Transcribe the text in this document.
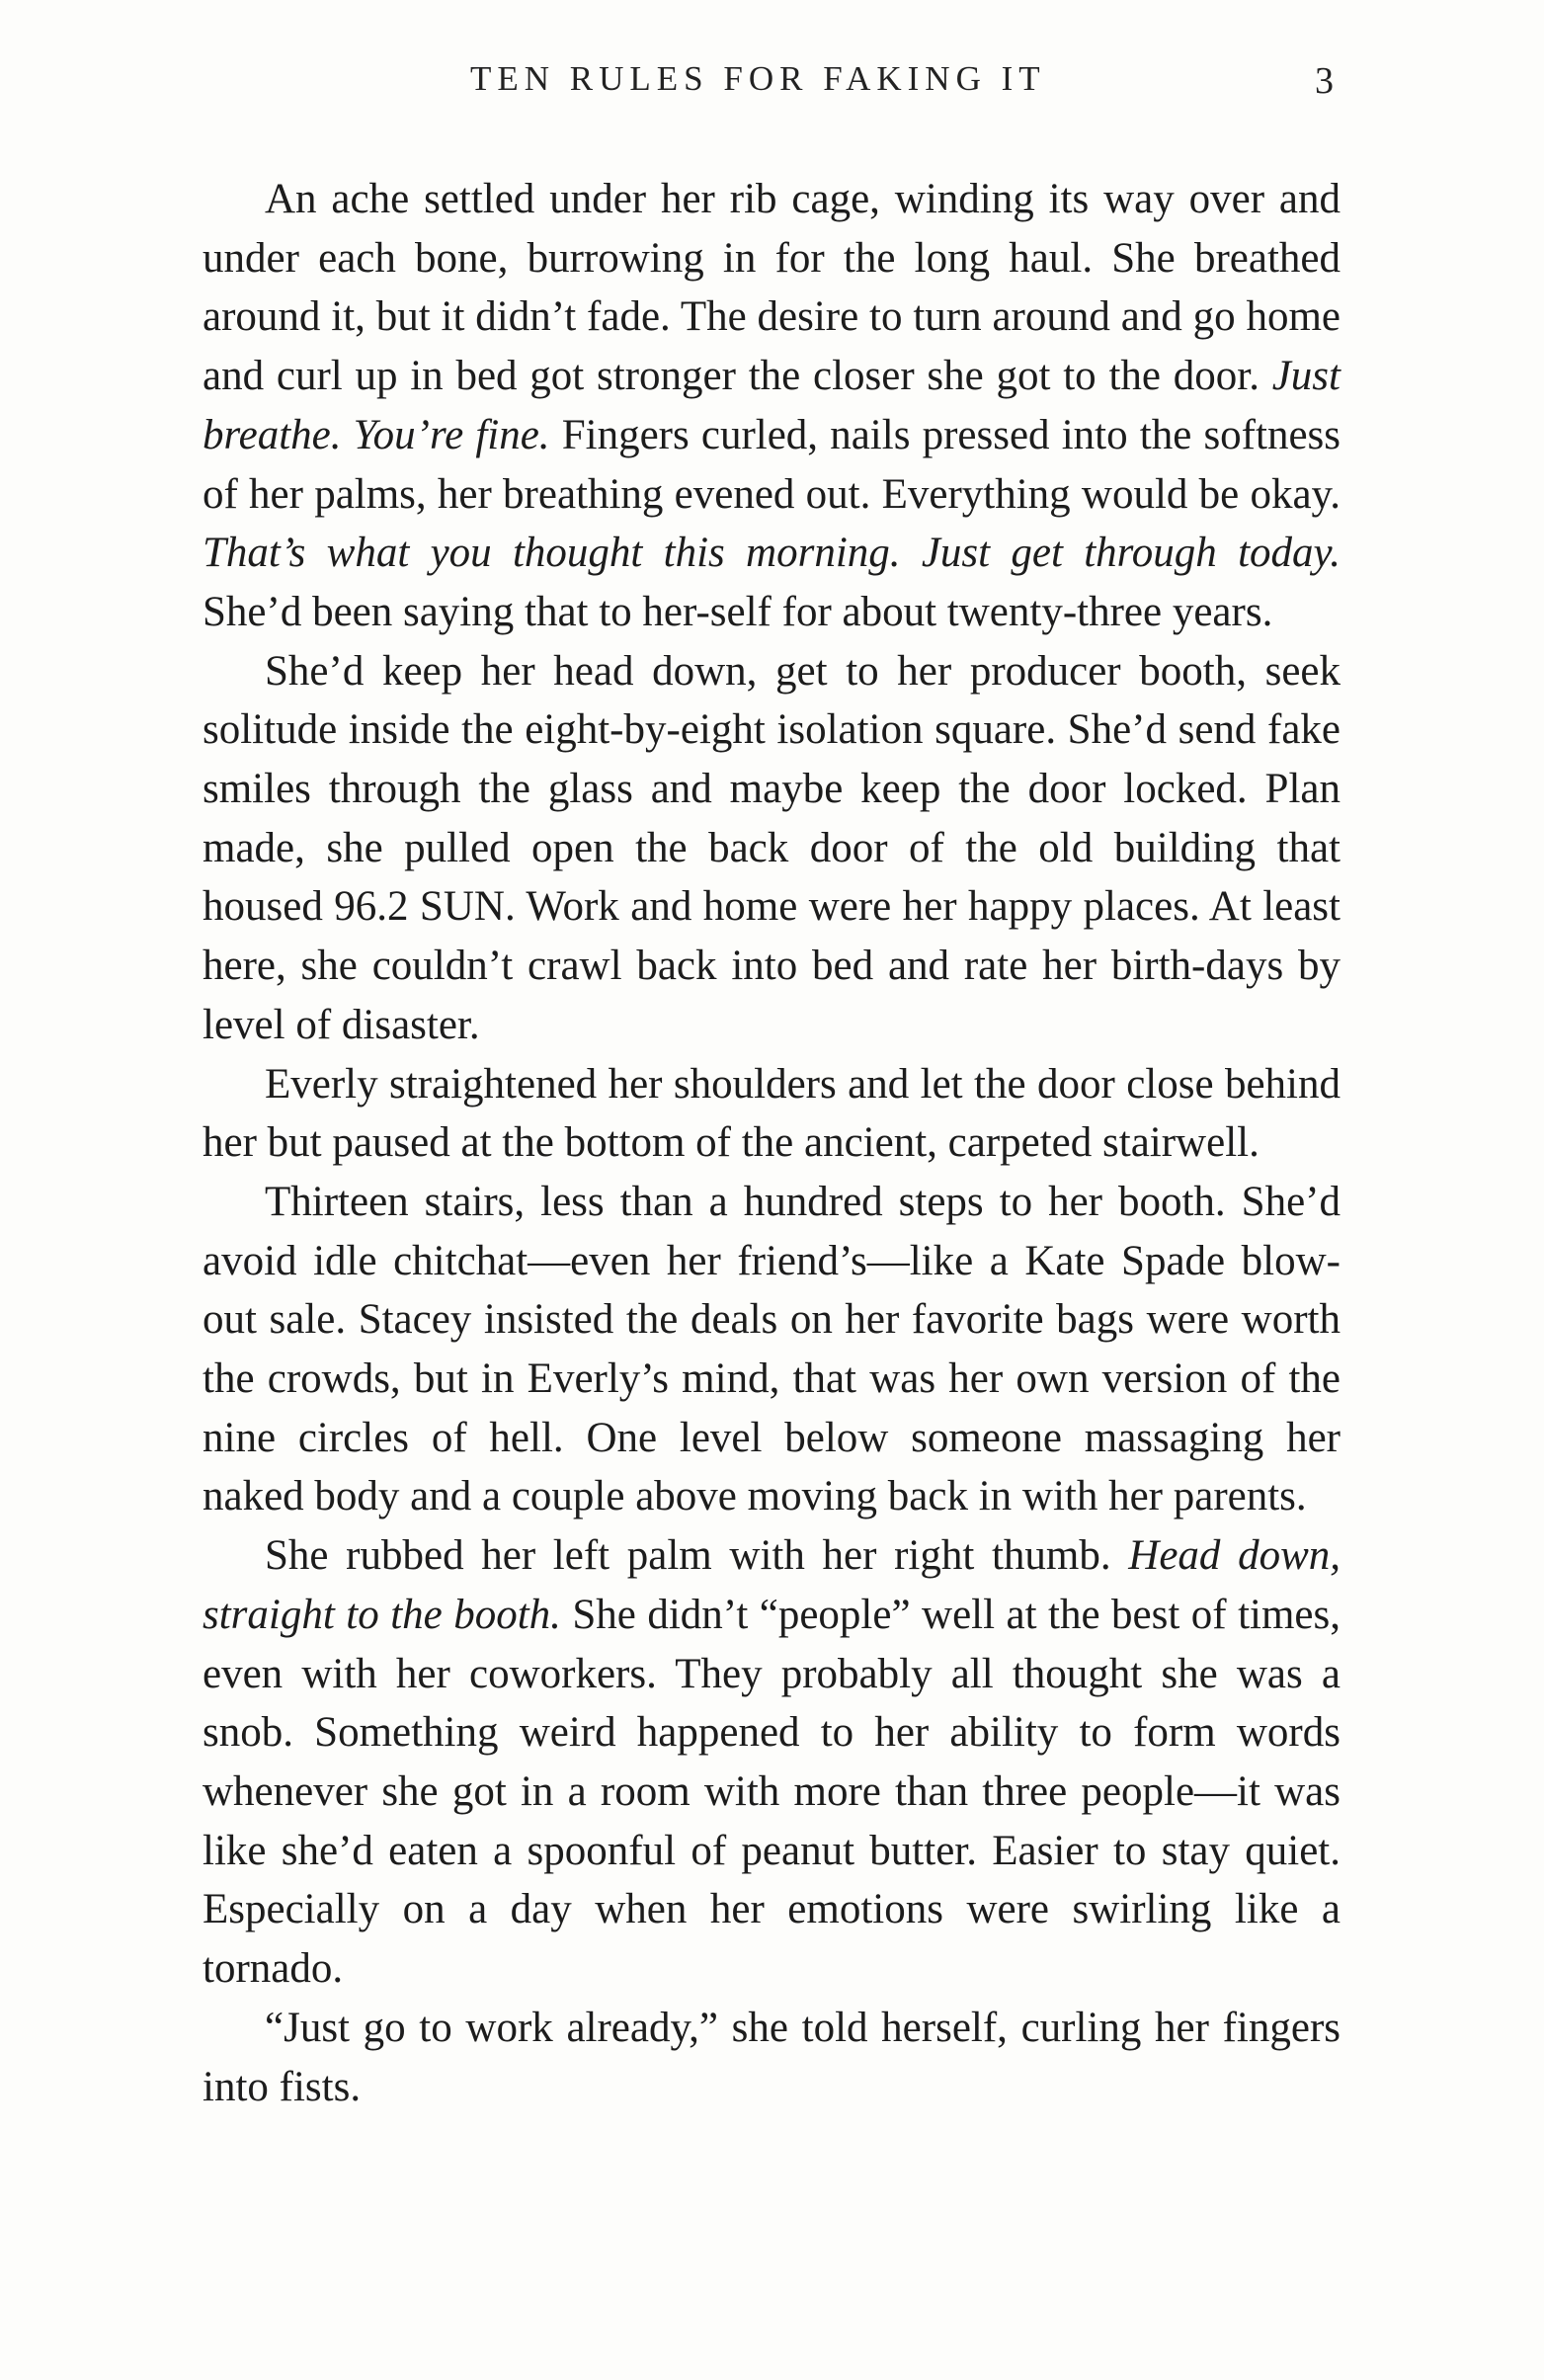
TEN RULES FOR FAKING IT	3

An ache settled under her rib cage, winding its way over and under each bone, burrowing in for the long haul. She breathed around it, but it didn’t fade. The desire to turn around and go home and curl up in bed got stronger the closer she got to the door. Just breathe. You’re fine. Fingers curled, nails pressed into the softness of her palms, her breathing evened out. Everything would be okay. That’s what you thought this morning. Just get through today. She’d been saying that to her-self for about twenty-three years.

She’d keep her head down, get to her producer booth, seek solitude inside the eight-by-eight isolation square. She’d send fake smiles through the glass and maybe keep the door locked. Plan made, she pulled open the back door of the old building that housed 96.2 SUN. Work and home were her happy places. At least here, she couldn’t crawl back into bed and rate her birth-days by level of disaster.

Everly straightened her shoulders and let the door close behind her but paused at the bottom of the ancient, carpeted stairwell.

Thirteen stairs, less than a hundred steps to her booth. She’d avoid idle chitchat—even her friend’s—like a Kate Spade blow-out sale. Stacey insisted the deals on her favorite bags were worth the crowds, but in Everly’s mind, that was her own version of the nine circles of hell. One level below someone massaging her naked body and a couple above moving back in with her parents.

She rubbed her left palm with her right thumb. Head down, straight to the booth. She didn’t “people” well at the best of times, even with her coworkers. They probably all thought she was a snob. Something weird happened to her ability to form words whenever she got in a room with more than three people—it was like she’d eaten a spoonful of peanut butter. Easier to stay quiet. Especially on a day when her emotions were swirling like a tornado.

“Just go to work already,” she told herself, curling her fingers into fists.
